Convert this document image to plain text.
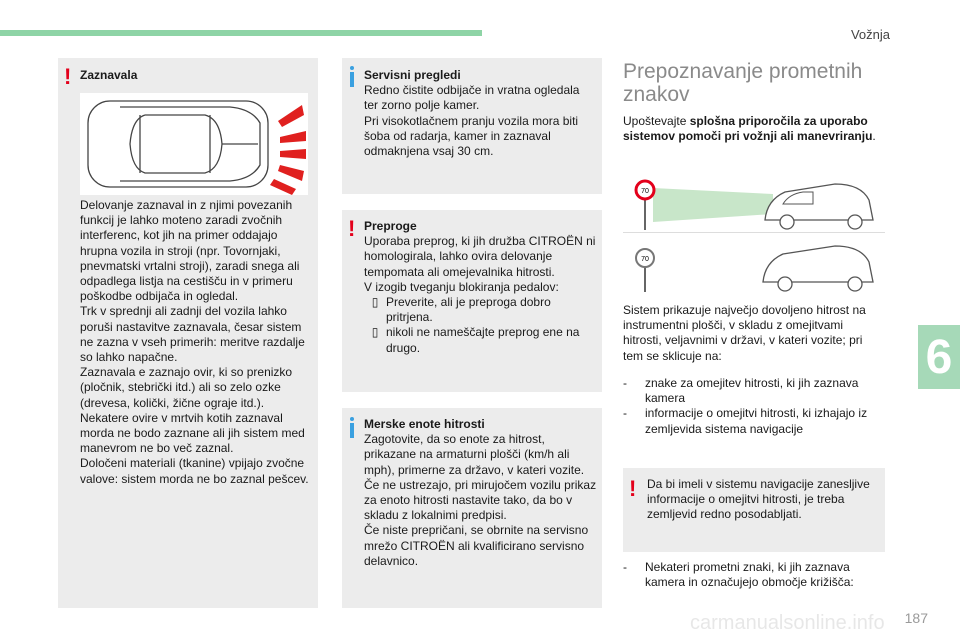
Vožnja
6
! Zaznavala
Delovanje zaznaval in z njimi povezanih funkcij je lahko moteno zaradi zvočnih interferenc, kot jih na primer oddajajo hrupna vozila in stroji (npr. Tovornjaki, pnevmatski vrtalni stroji), zaradi snega ali odpadlega listja na cestišču in v primeru poškodbe odbijača in ogledal.
Trk v sprednji ali zadnji del vozila lahko poruši nastavitve zaznavala, česar sistem ne zazna v vseh primerih: meritve razdalje so lahko napačne.
Zaznavala e zaznajo ovir, ki so prenizko (pločnik, stebrički itd.) ali so zelo ozke (drevesa, količki, žične ograje itd.).
Nekatere ovire v mrtvih kotih zaznaval morda ne bodo zaznane ali jih sistem med manevrom ne bo več zaznal.
Določeni materiali (tkanine) vpijajo zvočne valove: sistem morda ne bo zaznal pešcev.
Servisni pregledi
Redno čistite odbijače in vratna ogledala ter zorno polje kamer.
Pri visokotlačnem pranju vozila mora biti šoba od radarja, kamer in zaznaval odmaknjena vsaj 30 cm.
! Preproge
Uporaba preprog, ki jih družba CITROËN ni homologirala, lahko ovira delovanje tempomata ali omejevalnika hitrosti.
V izogib tveganju blokiranja pedalov:
▯ Preverite, ali je preproga dobro pritrjena.
▯ nikoli ne nameščajte preprog ene na drugo.
Merske enote hitrosti
Zagotovite, da so enote za hitrost, prikazane na armaturni plošči (km/h ali mph), primerne za državo, v kateri vozite. Če ne ustrezajo, pri mirujočem vozilu prikaz za enoto hitrosti nastavite tako, da bo v skladu z lokalnimi predpisi.
Če niste prepričani, se obrnite na servisno mrežo CITROËN ali kvalificirano servisno delavnico.
Prepoznavanje prometnih znakov
Upoštevajte splošna priporočila za uporabo sistemov pomoči pri vožnji ali manevriranju.
70
70
Sistem prikazuje največjo dovoljeno hitrost na instrumentni plošči, v skladu z omejitvami hitrosti, veljavnimi v državi, v kateri vozite; pri tem se sklicuje na:
-	znake za omejitev hitrosti, ki jih zaznava kamera
-	informacije o omejitvi hitrosti, ki izhajajo iz zemljevida sistema navigacije
! Da bi imeli v sistemu navigacije zanesljive informacije o omejitvi hitrosti, je treba zemljevid redno posodabljati.
-	Nekateri prometni znaki, ki jih zaznava kamera in označujejo območje križišča:
187
carmanualsonline.info
